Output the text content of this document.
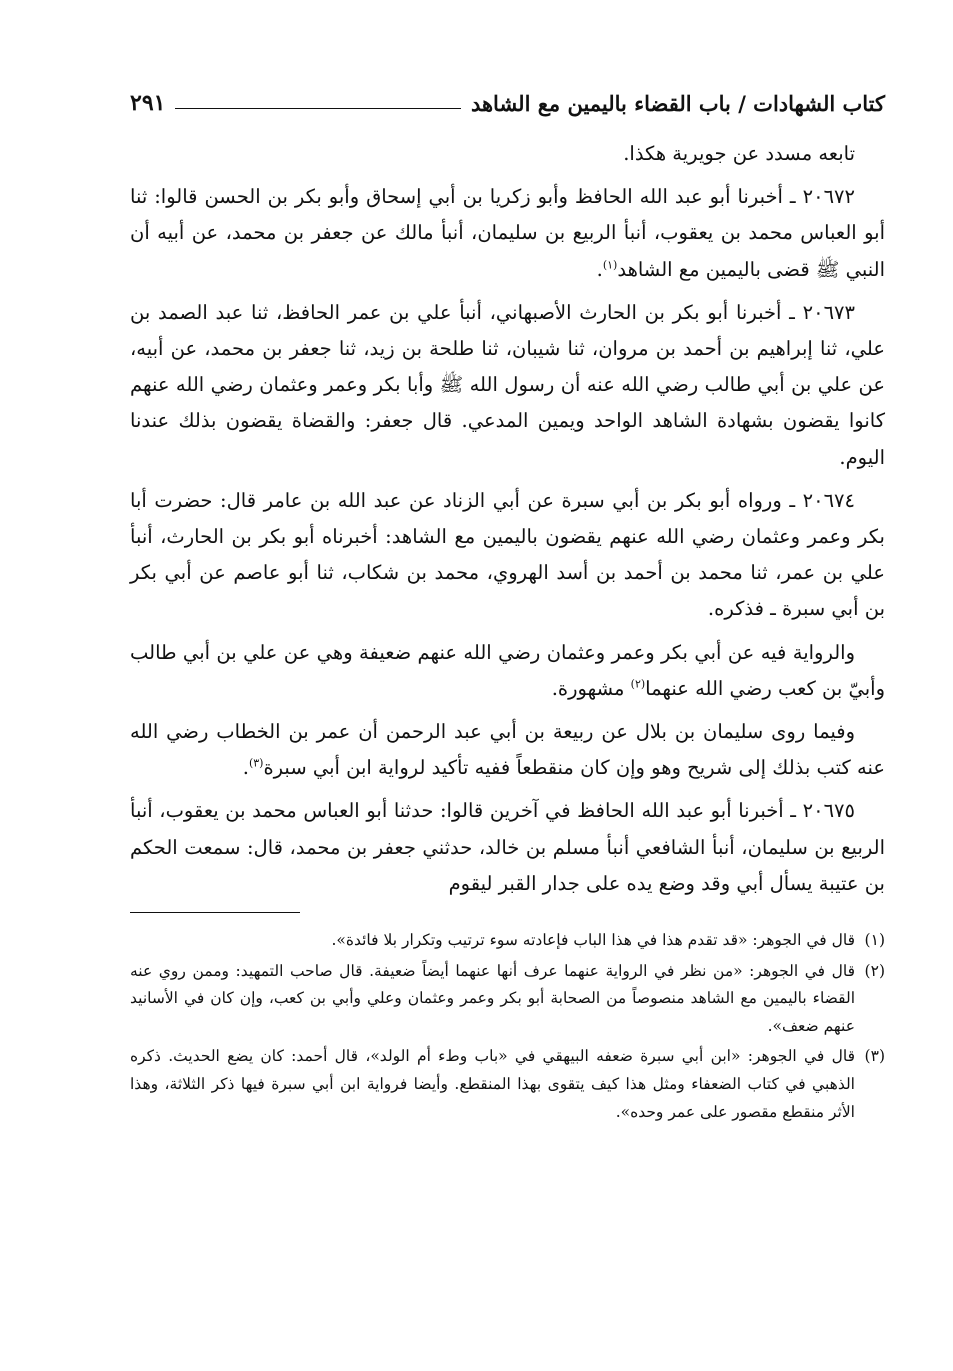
كتاب الشهادات / باب القضاء باليمين مع الشاهد
٢٩١

تابعه مسدد عن جويرية هكذا.

٢٠٦٧٢ ـ أخبرنا أبو عبد الله الحافظ وأبو زكريا بن أبي إسحاق وأبو بكر بن الحسن قالوا: ثنا أبو العباس محمد بن يعقوب، أنبأ الربيع بن سليمان، أنبأ مالك عن جعفر بن محمد، عن أبيه أن النبي ﷺ قضى باليمين مع الشاهد$^{(١)}$.

٢٠٦٧٣ ـ أخبرنا أبو بكر بن الحارث الأصبهاني، أنبأ علي بن عمر الحافظ، ثنا عبد الصمد بن علي، ثنا إبراهيم بن أحمد بن مروان، ثنا شيبان، ثنا طلحة بن زيد، ثنا جعفر بن محمد، عن أبيه، عن علي بن أبي طالب رضي الله عنه أن رسول الله ﷺ وأبا بكر وعمر وعثمان رضي الله عنهم كانوا يقضون بشهادة الشاهد الواحد ويمين المدعي. قال جعفر: والقضاة يقضون بذلك عندنا اليوم.

٢٠٦٧٤ ـ ورواه أبو بكر بن أبي سبرة عن أبي الزناد عن عبد الله بن عامر قال: حضرت أبا بكر وعمر وعثمان رضي الله عنهم يقضون باليمين مع الشاهد: أخبرناه أبو بكر بن الحارث، أنبأ علي بن عمر، ثنا محمد بن أحمد بن أسد الهروي، محمد بن شكاب، ثنا أبو عاصم عن أبي بكر بن أبي سبرة ـ فذكره.

والرواية فيه عن أبي بكر وعمر وعثمان رضي الله عنهم ضعيفة وهي عن علي بن أبي طالب وأبيّ بن كعب رضي الله عنهما$^{(٢)}$ مشهورة.

وفيما روى سليمان بن بلال عن ربيعة بن أبي عبد الرحمن أن عمر بن الخطاب رضي الله عنه كتب بذلك إلى شريح وهو وإن كان منقطعاً ففيه تأكيد لرواية ابن أبي سبرة$^{(٣)}$.

٢٠٦٧٥ ـ أخبرنا أبو عبد الله الحافظ في آخرين قالوا: حدثنا أبو العباس محمد بن يعقوب، أنبأ الربيع بن سليمان، أنبأ الشافعي أنبأ مسلم بن خالد، حدثني جعفر بن محمد، قال: سمعت الحكم بن عتيبة يسأل أبي وقد وضع يده على جدار القبر ليقوم

(١)قال في الجوهر: «قد تقدم هذا في هذا الباب فإعادته سوء ترتيب وتكرار بلا فائدة».

(٢)قال في الجوهر: «من نظر في الرواية عنهما عرف أنها عنهما أيضاً ضعيفة. قال صاحب التمهيد: وممن روي عنه القضاء باليمين مع الشاهد منصوصاً من الصحابة أبو بكر وعمر وعثمان وعلي وأبي بن كعب، وإن كان في الأسانيد عنهم ضعف».

(٣)قال في الجوهر: «ابن أبي سبرة ضعفه البيهقي في «باب وطء أم الولد»، قال أحمد: كان يضع الحديث. ذكره الذهبي في كتاب الضعفاء ومثل هذا كيف يتقوى بهذا المنقطع. وأيضا فرواية ابن أبي سبرة فيها ذكر الثلاثة، وهذا الأثر منقطع مقصور على عمر وحده».
